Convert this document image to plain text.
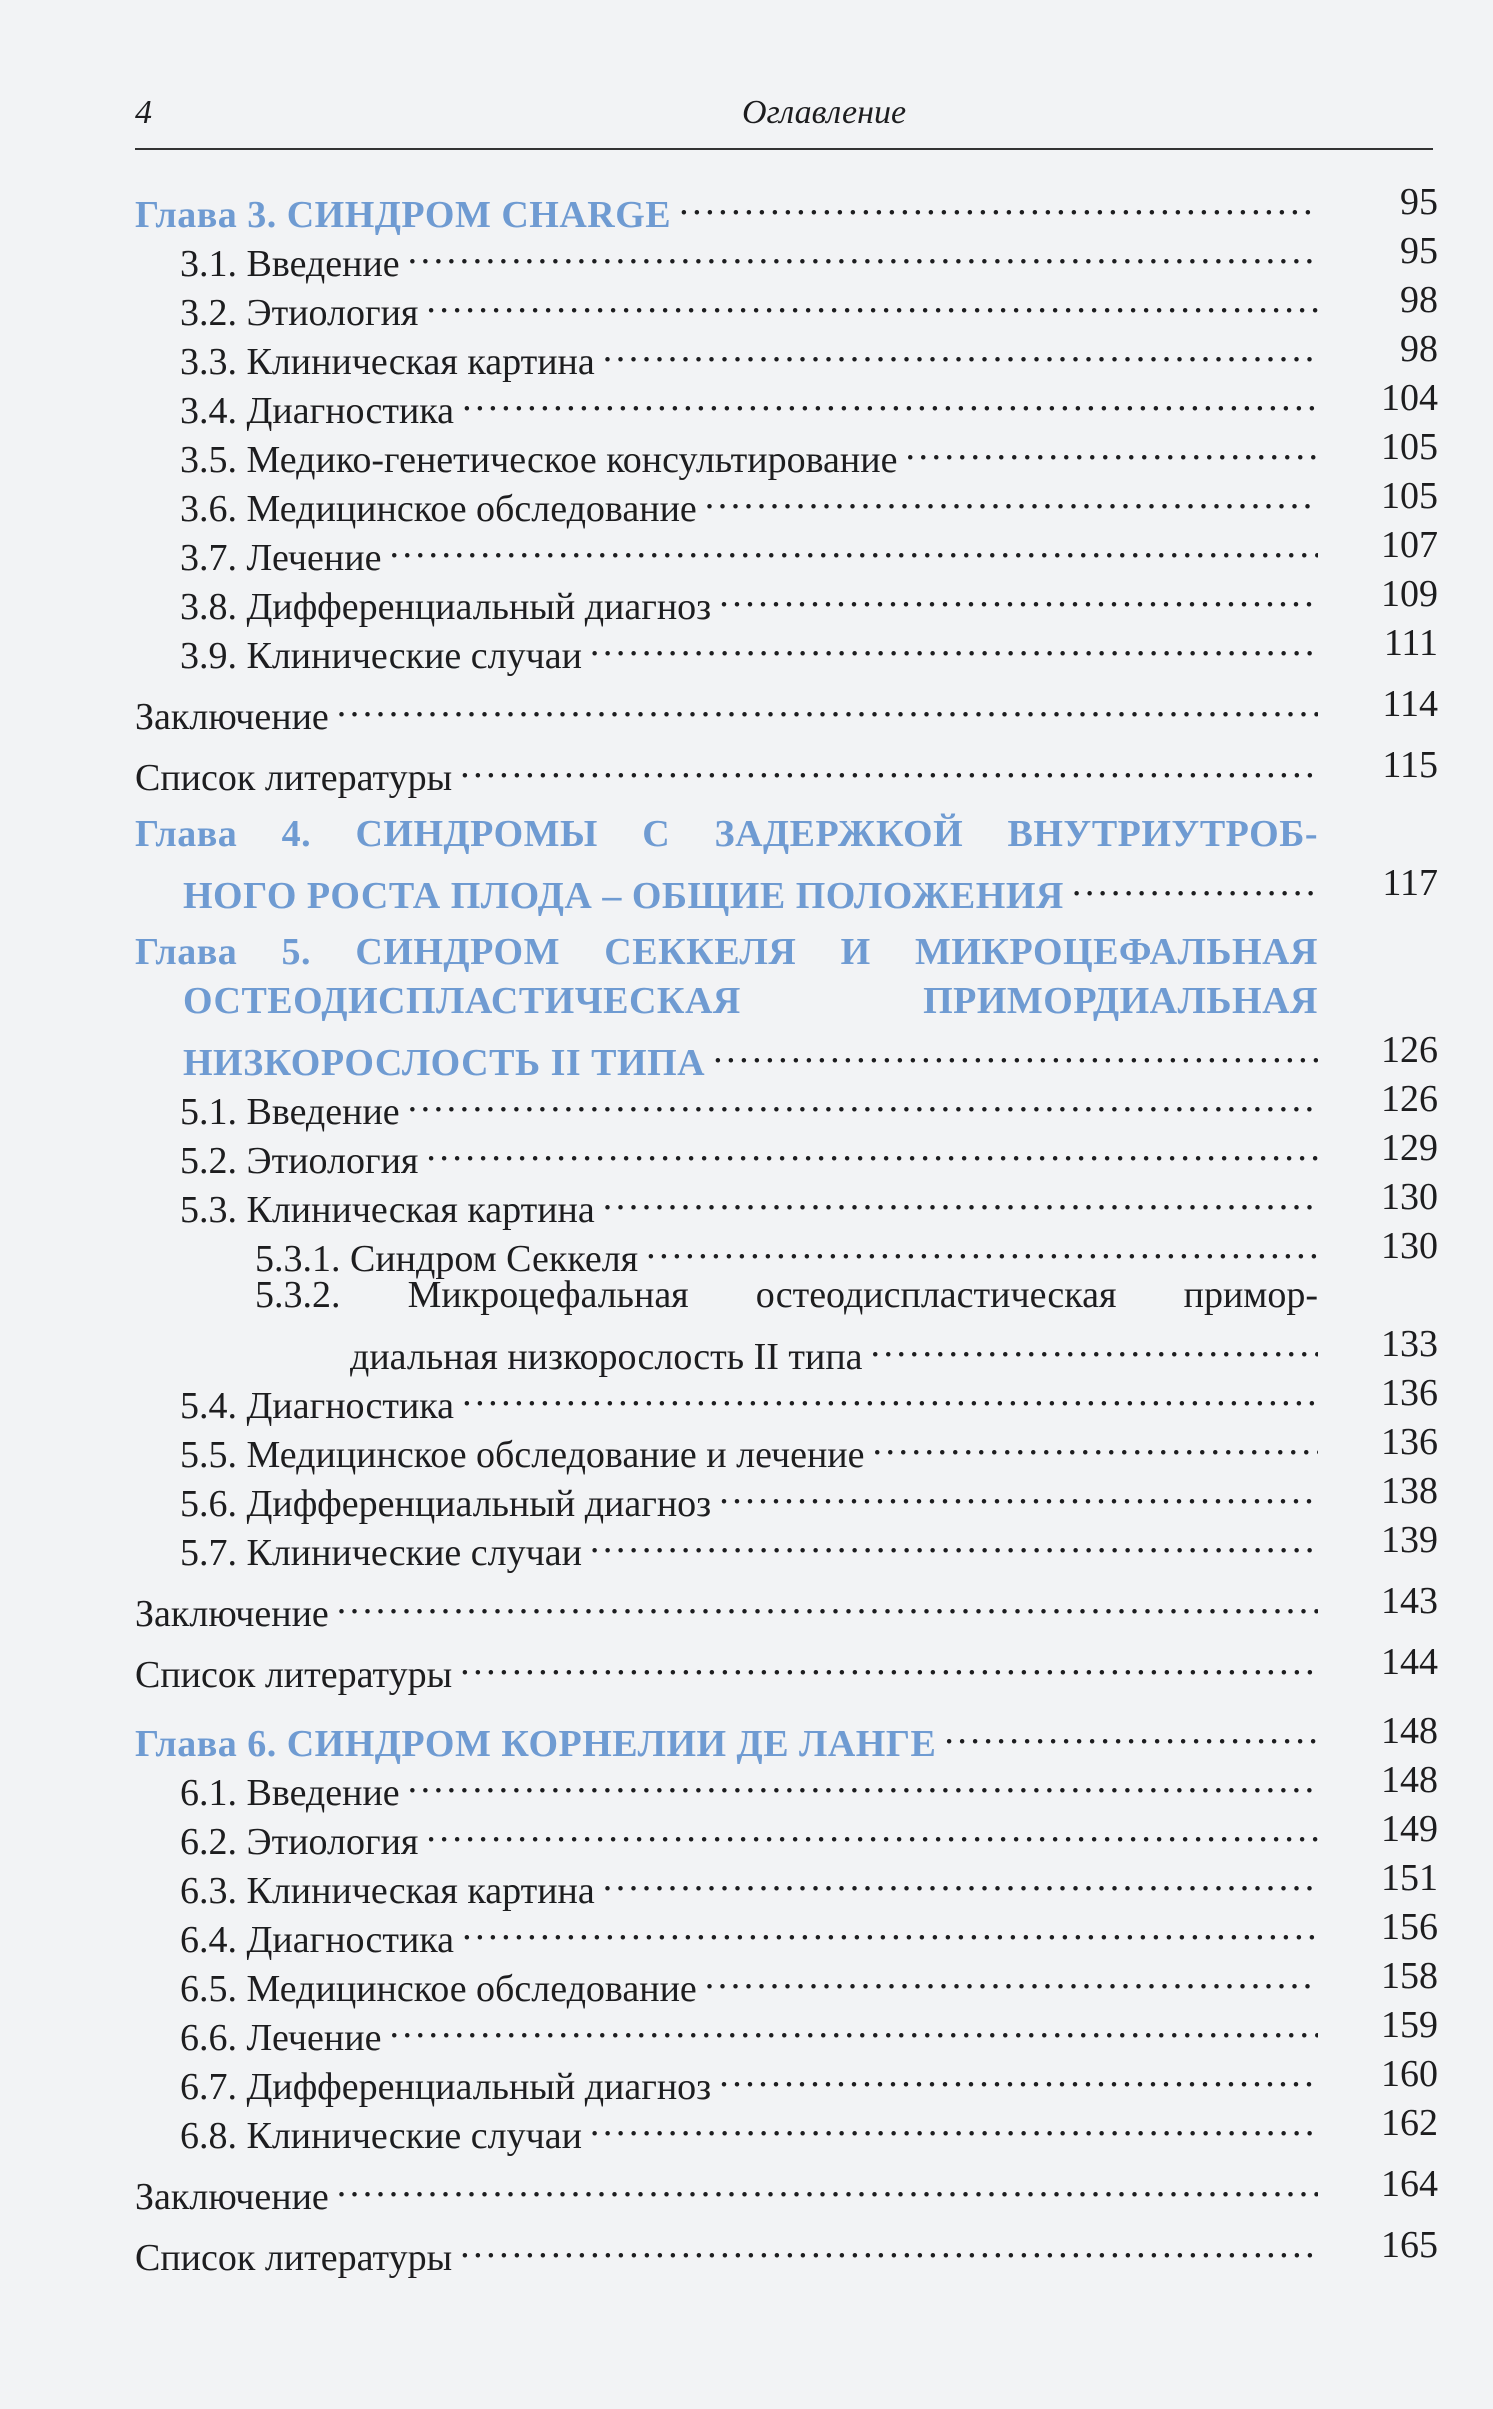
4	Оглавление
Глава 3. СИНДРОМ CHARGE . . .	95
3.1. Введение . . .	95
3.2. Этиология . . .	98
3.3. Клиническая картина . . .	98
3.4. Диагностика . . .	104
3.5. Медико-генетическое консультирование . . .	105
3.6. Медицинское обследование . . .	105
3.7. Лечение . . .	107
3.8. Дифференциальный диагноз . . .	109
3.9. Клинические случаи . . .	111
Заключение . . .	114
Список литературы . . .	115
Глава 4. СИНДРОМЫ С ЗАДЕРЖКОЙ ВНУТРИУТРОБ-
НОГО РОСТА ПЛОДА – ОБЩИЕ ПОЛОЖЕНИЯ . . .	117
Глава 5. СИНДРОМ СЕККЕЛЯ И МИКРОЦЕФАЛЬНАЯ
ОСТЕОДИСПЛАСТИЧЕСКАЯ ПРИМОРДИАЛЬНАЯ
НИЗКОРОСЛОСТЬ II ТИПА . . .	126
5.1. Введение . . .	126
5.2. Этиология . . .	129
5.3. Клиническая картина . . .	130
5.3.1. Синдром Секкеля . . .	130
5.3.2. Микроцефальная остеодиспластическая примор-
диальная низкорослость II типа . . .	133
5.4. Диагностика . . .	136
5.5. Медицинское обследование и лечение . . .	136
5.6. Дифференциальный диагноз . . .	138
5.7. Клинические случаи . . .	139
Заключение . . .	143
Список литературы . . .	144
Глава 6. СИНДРОМ КОРНЕЛИИ ДЕ ЛАНГЕ . . .	148
6.1. Введение . . .	148
6.2. Этиология . . .	149
6.3. Клиническая картина . . .	151
6.4. Диагностика . . .	156
6.5. Медицинское обследование . . .	158
6.6. Лечение . . .	159
6.7. Дифференциальный диагноз . . .	160
6.8. Клинические случаи . . .	162
Заключение . . .	164
Список литературы . . .	165
